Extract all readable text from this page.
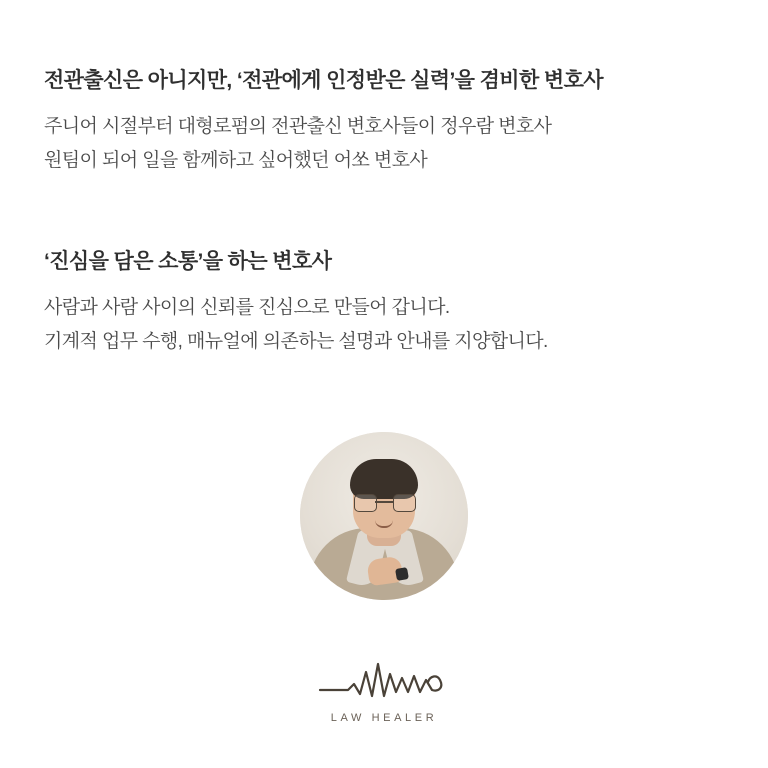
전관출신은 아니지만, ‘전관에게 인정받은 실력’을 겸비한 변호사

주니어 시절부터 대형로펌의 전관출신 변호사들이 정우람 변호사

원팀이 되어 일을 함께하고 싶어했던 어쏘 변호사

‘진심을 담은 소통’을 하는 변호사

사람과 사람 사이의 신뢰를 진심으로 만들어 갑니다.

기계적 업무 수행, 매뉴얼에 의존하는 설명과 안내를 지양합니다.

LAW HEALER
